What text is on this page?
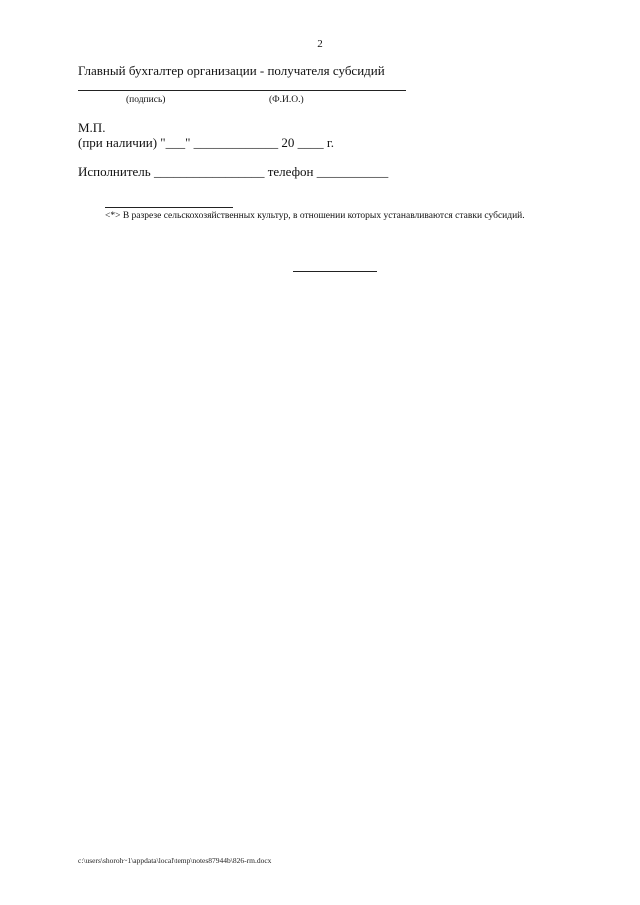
2
Главный бухгалтер организации - получателя субсидий
(подпись)	(Ф.И.О.)
М.П.
(при наличии) "___" _____________ 20 ____ г.
Исполнитель _________________ телефон ___________
<*> В разрезе сельскохозяйственных культур, в отношении которых устанавливаются ставки субсидий.
c:\users\shoroh~1\appdata\local\temp\notes87944b\826-rm.docx
